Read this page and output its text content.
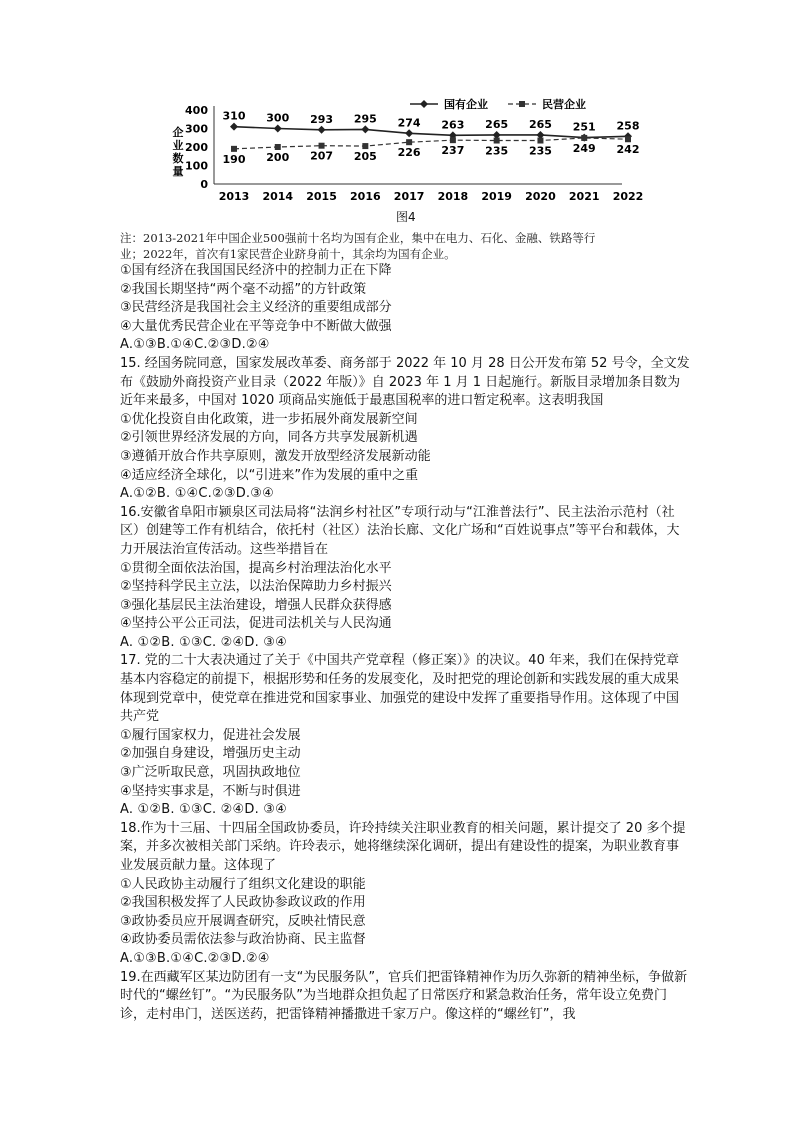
企
业
数
量
0
100
200
300
400
2013 2014 2015 2016 2017 2018 2019 2020 2021 2022
310 300 293 295 274 263 265 265 251 258
190 200 207 205 226 237 235 235 249 242
国有企业	民营企业
图4
注：2013-2021年中国企业500强前十名均为国有企业，集中在电力、石化、金融、铁路等行
业；2022年，首次有1家民营企业跻身前十，其余均为国有企业。

①国有经济在我国国民经济中的控制力正在下降

②我国长期坚持“两个毫不动摇”的方针政策

③民营经济是我国社会主义经济的重要组成部分

④大量优秀民营企业在平等竞争中不断做大做强

A.①③B.①④C.②③D.②④

15. 经国务院同意，国家发展改革委、商务部于 2022 年 10 月 28 日公开发布第 52 号令，全文发布《鼓励外商投资产业目录（2022 年版）》自 2023 年 1 月 1 日起施行。新版目录增加条目数为近年来最多，中国对 1020 项商品实施低于最惠国税率的进口暂定税率。这表明我国

①优化投资自由化政策，进一步拓展外商发展新空间

②引领世界经济发展的方向，同各方共享发展新机遇

③遵循开放合作共享原则，激发开放型经济发展新动能

④适应经济全球化，以“引进来”作为发展的重中之重

A.①②B. ①④C.②③D.③④

16.安徽省阜阳市颍泉区司法局将“法润乡村社区”专项行动与“江淮普法行”、民主法治示范村（社区）创建等工作有机结合，依托村（社区）法治长廊、文化广场和“百姓说事点”等平台和载体，大力开展法治宣传活动。这些举措旨在

①贯彻全面依法治国，提高乡村治理法治化水平

②坚持科学民主立法，以法治保障助力乡村振兴

③强化基层民主法治建设，增强人民群众获得感

④坚持公平公正司法，促进司法机关与人民沟通

A. ①②B. ①③C. ②④D. ③④

17. 党的二十大表决通过了关于《中国共产党章程（修正案）》的决议。40 年来，我们在保持党章基本内容稳定的前提下，根据形势和任务的发展变化，及时把党的理论创新和实践发展的重大成果体现到党章中，使党章在推进党和国家事业、加强党的建设中发挥了重要指导作用。这体现了中国共产党

①履行国家权力，促进社会发展

②加强自身建设，增强历史主动

③广泛听取民意，巩固执政地位

④坚持实事求是，不断与时俱进

A. ①②B. ①③C. ②④D. ③④

18.作为十三届、十四届全国政协委员，许玲持续关注职业教育的相关问题，累计提交了 20 多个提案，并多次被相关部门采纳。许玲表示，她将继续深化调研，提出有建设性的提案，为职业教育事业发展贡献力量。这体现了

①人民政协主动履行了组织文化建设的职能

②我国积极发挥了人民政协参政议政的作用

③政协委员应开展调查研究，反映社情民意

④政协委员需依法参与政治协商、民主监督

A.①③B.①④C.②③D.②④

19.在西藏军区某边防团有一支“为民服务队”，官兵们把雷锋精神作为历久弥新的精神坐标，争做新时代的“螺丝钉”。“为民服务队”为当地群众担负起了日常医疗和紧急救治任务，常年设立免费门诊，走村串门，送医送药，把雷锋精神播撒进千家万户。像这样的“螺丝钉”，我
